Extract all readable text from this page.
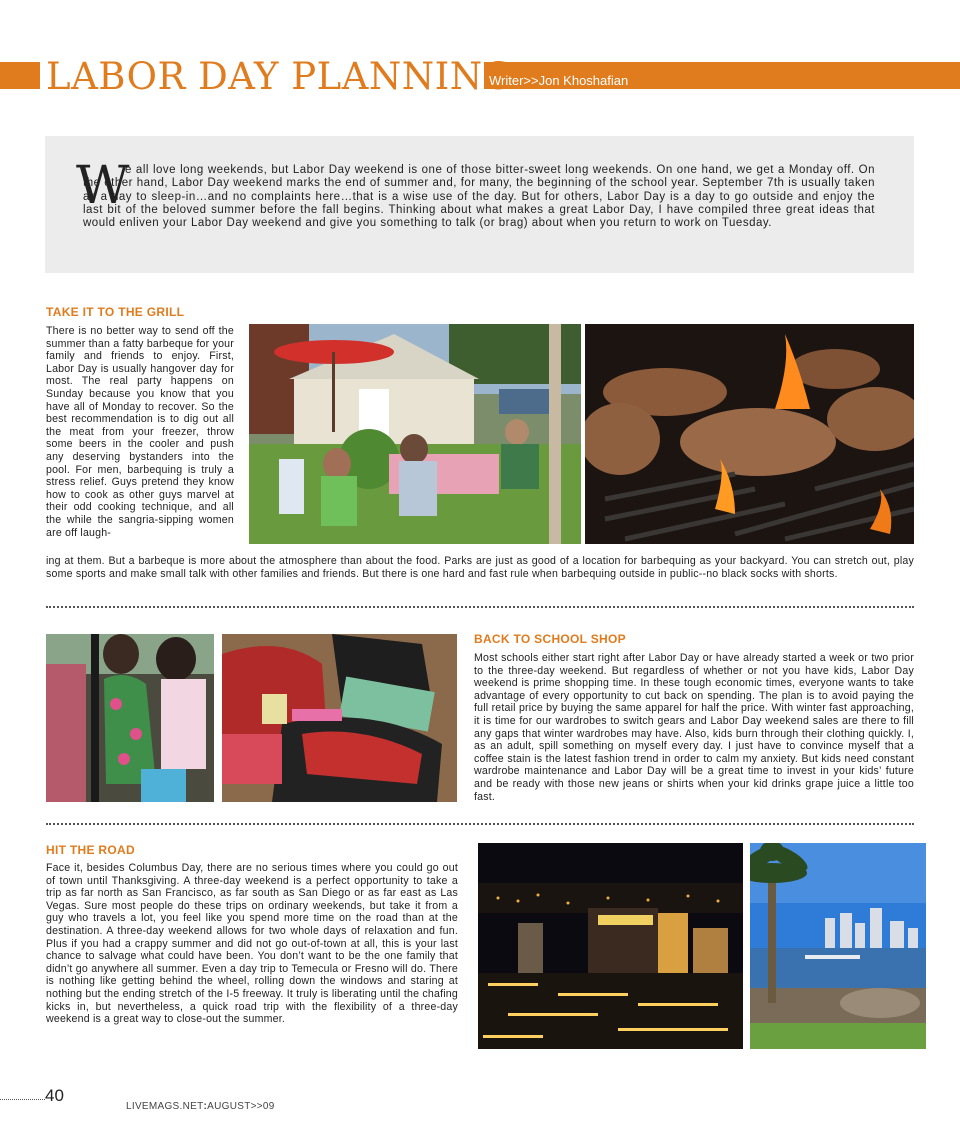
LABOR DAY PLANNING
Writer>>Jon Khoshafian
W
e all love long weekends, but Labor Day weekend is one of those bitter-sweet long weekends. On one hand, we get a Monday off. On the other hand, Labor Day weekend marks the end of summer and, for many, the beginning of the school year. September 7th is usually taken as a day to sleep-in…and no complaints here…that is a wise use of the day. But for others, Labor Day is a day to go outside and enjoy the last bit of the beloved summer before the fall begins. Thinking about what makes a great Labor Day, I have compiled three great ideas that would enliven your Labor Day weekend and give you something to talk (or brag) about when you return to work on Tuesday.
TAKE IT TO THE GRILL
There is no better way to send off the summer than a fatty barbeque for your family and friends to enjoy. First, Labor Day is usually hangover day for most. The real party happens on Sunday because you know that you have all of Monday to recover. So the best recommendation is to dig out all the meat from your freezer, throw some beers in the cooler and push any deserving bystanders into the pool. For men, barbequing is truly a stress relief. Guys pretend they know how to cook as other guys marvel at their odd cooking technique, and all the while the sangria-sipping women are off laugh-
ing at them. But a barbeque is more about the atmosphere than about the food. Parks are just as good of a location for barbequing as your backyard. You can stretch out, play some sports and make small talk with other families and friends. But there is one hard and fast rule when barbequing outside in public--no black socks with shorts.
BACK TO SCHOOL SHOP
Most schools either start right after Labor Day or have already started a week or two prior to the three-day weekend. But regardless of whether or not you have kids, Labor Day weekend is prime shopping time. In these tough economic times, everyone wants to take advantage of every opportunity to cut back on spending. The plan is to avoid paying the full retail price by buying the same apparel for half the price. With winter fast approaching, it is time for our wardrobes to switch gears and Labor Day weekend sales are there to fill any gaps that winter wardrobes may have. Also, kids burn through their clothing quickly. I, as an adult, spill something on myself every day. I just have to convince myself that a coffee stain is the latest fashion trend in order to calm my anxiety. But kids need constant wardrobe maintenance and Labor Day will be a great time to invest in your kids’ future and be ready with those new jeans or shirts when your kid drinks grape juice a little too fast.
HIT THE ROAD
Face it, besides Columbus Day, there are no serious times where you could go out of town until Thanksgiving. A three-day weekend is a perfect opportunity to take a trip as far north as San Francisco, as far south as San Diego or as far east as Las Vegas. Sure most people do these trips on ordinary weekends, but take it from a guy who travels a lot, you feel like you spend more time on the road than at the destination. A three-day weekend allows for two whole days of relaxation and fun. Plus if you had a crappy summer and did not go out-of-town at all, this is your last chance to salvage what could have been. You don’t want to be the one family that didn’t go anywhere all summer. Even a day trip to Temecula or Fresno will do. There is nothing like getting behind the wheel, rolling down the windows and staring at nothing but the ending stretch of the I-5 freeway. It truly is liberating until the chafing kicks in, but nevertheless, a quick road trip with the flexibility of a three-day weekend is a great way to close-out the summer.
40
LIVEMAGS.NET:AUGUST>>09
